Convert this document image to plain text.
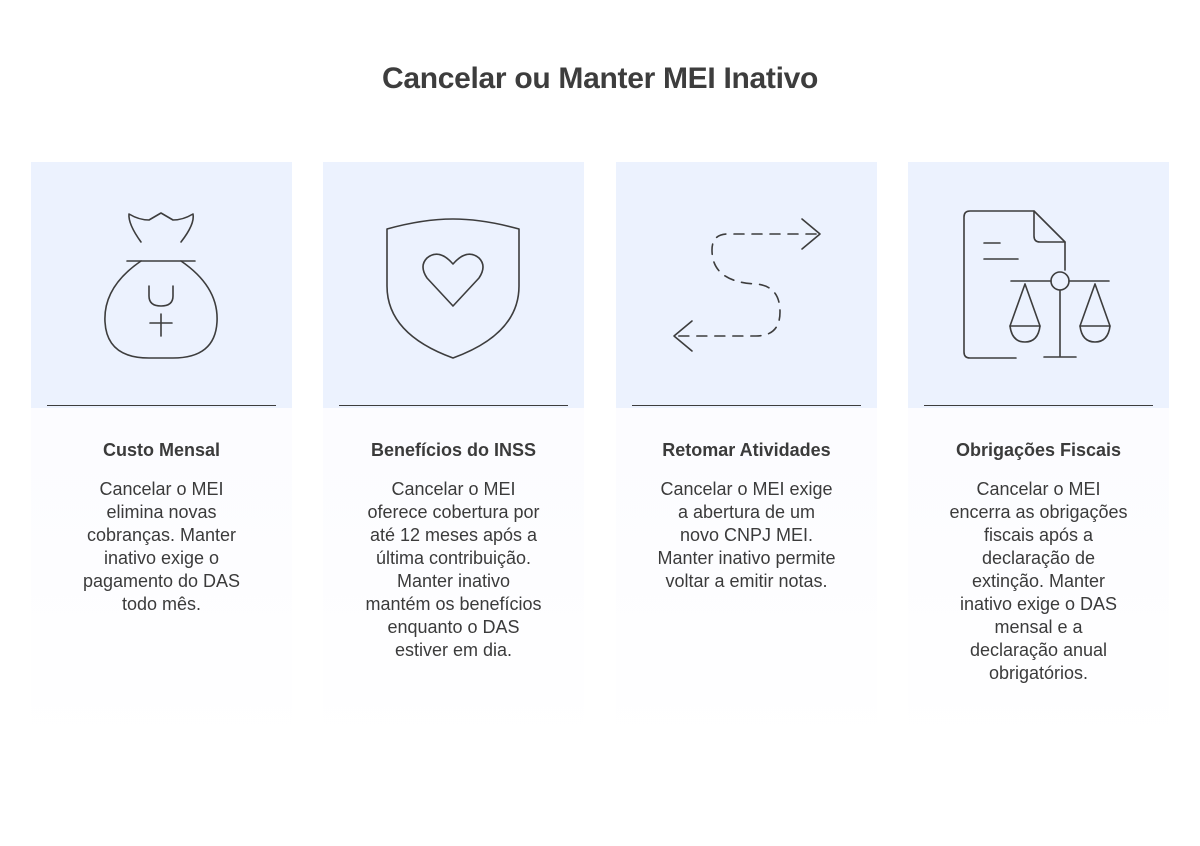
Cancelar ou Manter MEI Inativo
Custo Mensal
Cancelar o MEI elimina novas cobranças. Manter inativo exige o pagamento do DAS todo mês.
Benefícios do INSS
Cancelar o MEI oferece cobertura por até 12 meses após a última contribuição. Manter inativo mantém os benefícios enquanto o DAS estiver em dia.
Retomar Atividades
Cancelar o MEI exige a abertura de um novo CNPJ MEI. Manter inativo permite voltar a emitir notas.
Obrigações Fiscais
Cancelar o MEI encerra as obrigações fiscais após a declaração de extinção. Manter inativo exige o DAS mensal e a declaração anual obrigatórios.
